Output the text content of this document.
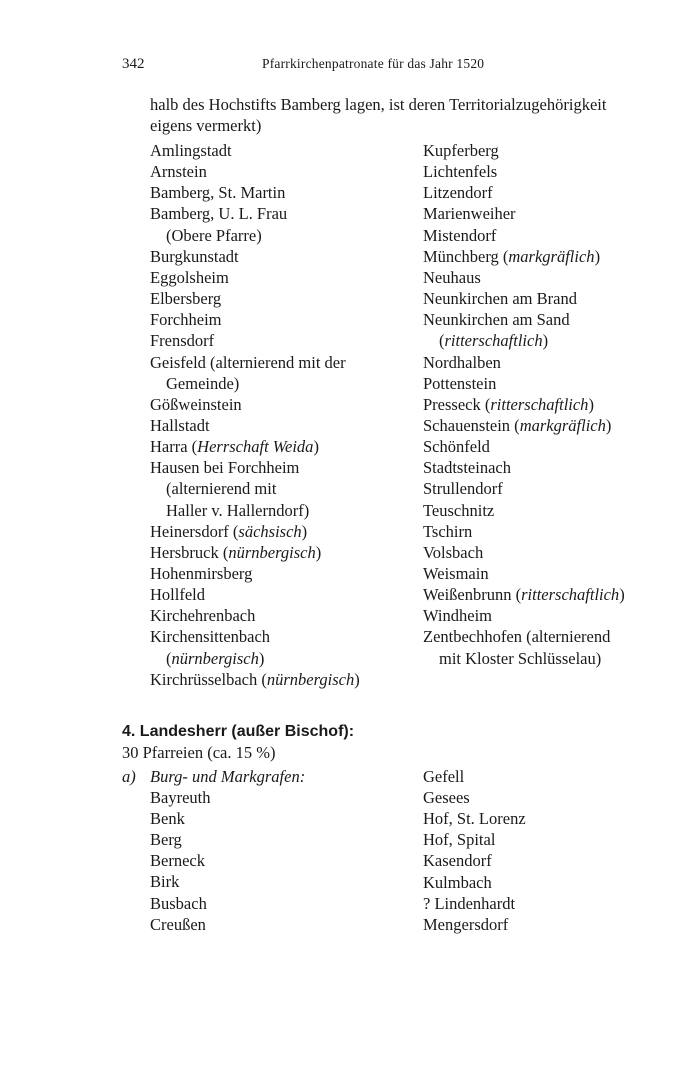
342	Pfarrkirchenpatronate für das Jahr 1520
halb des Hochstifts Bamberg lagen, ist deren Territorialzugehörigkeit
eigens vermerkt)
Amlingstadt
Arnstein
Bamberg, St. Martin
Bamberg, U. L. Frau
(Obere Pfarre)
Burgkunstadt
Eggolsheim
Elbersberg
Forchheim
Frensdorf
Geisfeld (alternierend mit der
Gemeinde)
Gößweinstein
Hallstadt
Harra (Herrschaft Weida)
Hausen bei Forchheim
(alternierend mit
Haller v. Hallerndorf)
Heinersdorf (sächsisch)
Hersbruck (nürnbergisch)
Hohenmirsberg
Hollfeld
Kirchehrenbach
Kirchensittenbach
(nürnbergisch)
Kirchrüsselbach (nürnbergisch)
Kupferberg
Lichtenfels
Litzendorf
Marienweiher
Mistendorf
Münchberg (markgräflich)
Neuhaus
Neunkirchen am Brand
Neunkirchen am Sand
(ritterschaftlich)
Nordhalben
Pottenstein
Presseck (ritterschaftlich)
Schauenstein (markgräflich)
Schönfeld
Stadtsteinach
Strullendorf
Teuschnitz
Tschirn
Volsbach
Weismain
Weißenbrunn (ritterschaftlich)
Windheim
Zentbechhofen (alternierend
mit Kloster Schlüsselau)
4. Landesherr (außer Bischof):
30 Pfarreien (ca. 15 %)
a) Burg- und Markgrafen:
Bayreuth
Benk
Berg
Berneck
Birk
Busbach
Creußen
Gefell
Gesees
Hof, St. Lorenz
Hof, Spital
Kasendorf
Kulmbach
? Lindenhardt
Mengersdorf
